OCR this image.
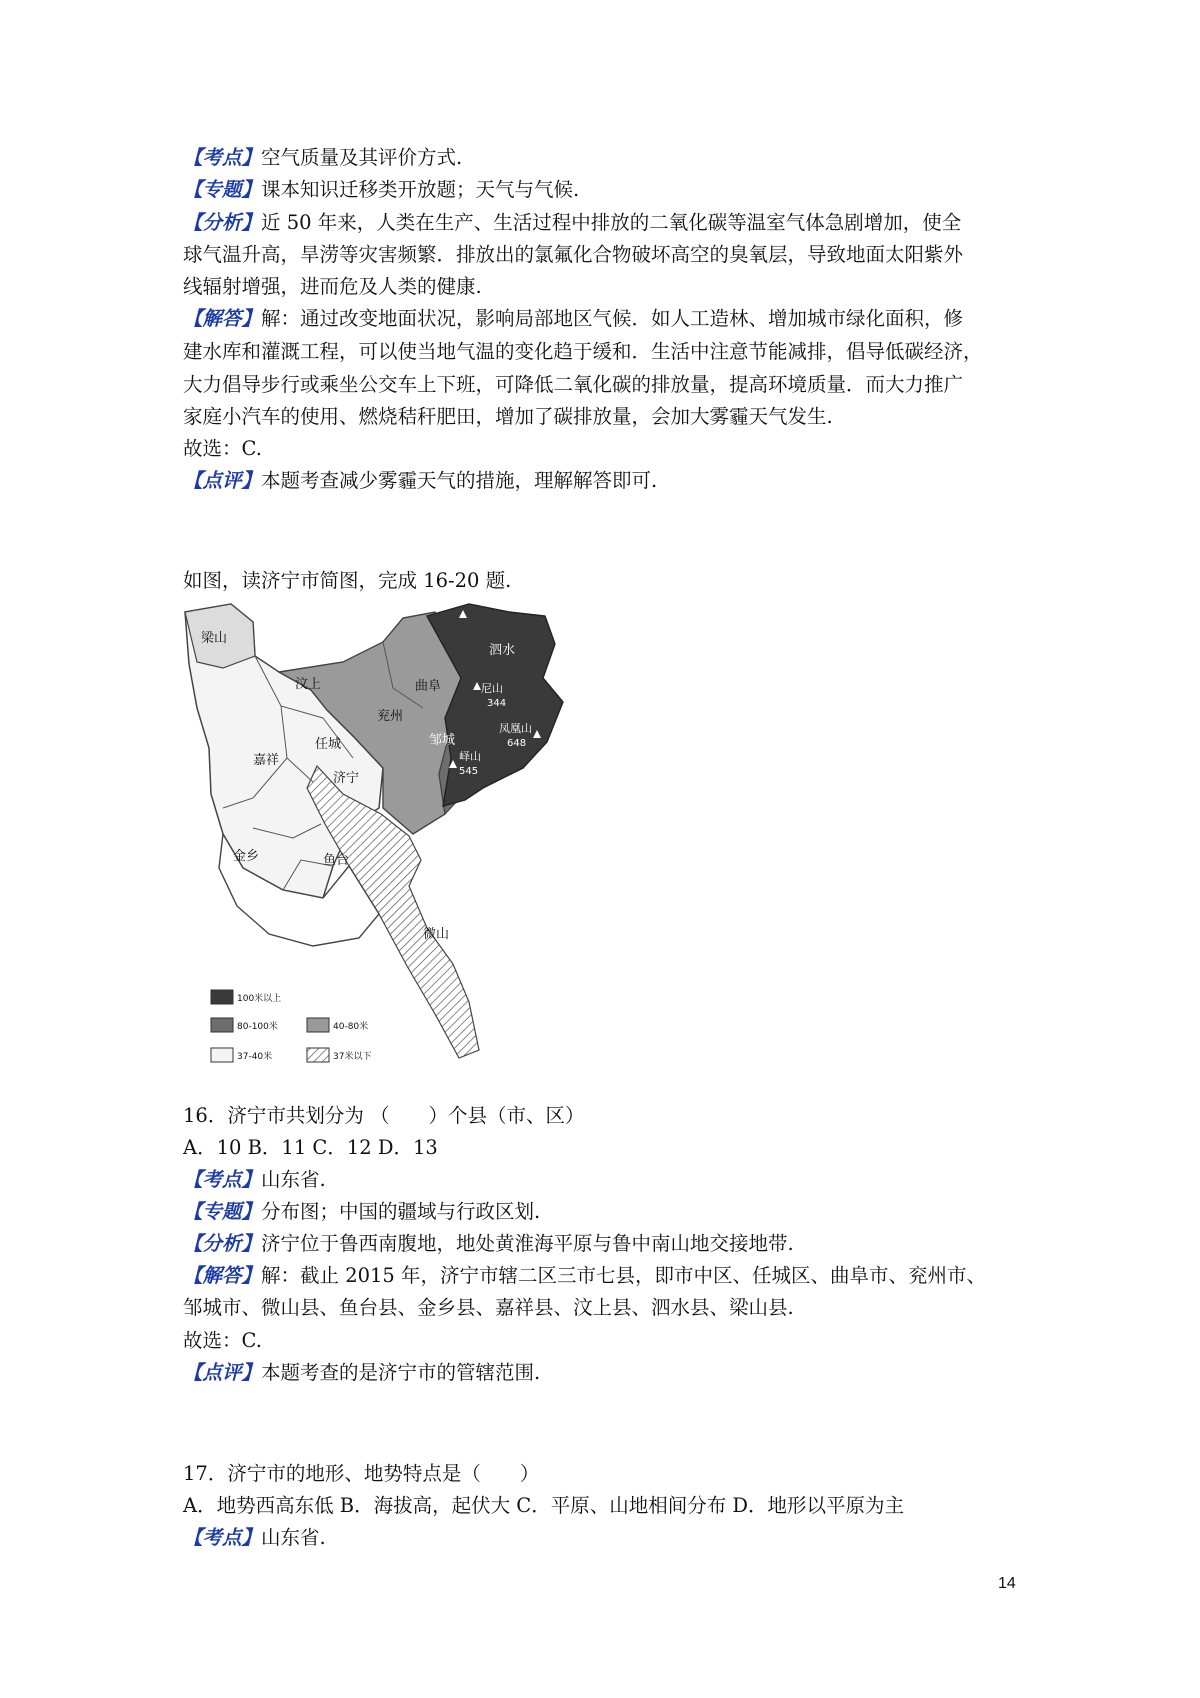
【考点】空气质量及其评价方式.
【专题】课本知识迁移类开放题；天气与气候.
【分析】近 50 年来，人类在生产、生活过程中排放的二氧化碳等温室气体急剧增加，使全
球气温升高，旱涝等灾害频繁．排放出的氯氟化合物破坏高空的臭氧层，导致地面太阳紫外
线辐射增强，进而危及人类的健康.
【解答】解：通过改变地面状况，影响局部地区气候．如人工造林、增加城市绿化面积，修
建水库和灌溉工程，可以使当地气温的变化趋于缓和．生活中注意节能减排，倡导低碳经济，
大力倡导步行或乘坐公交车上下班，可降低二氧化碳的排放量，提高环境质量．而大力推广
家庭小汽车的使用、燃烧秸秆肥田，增加了碳排放量，会加大雾霾天气发生.
故选：C.
【点评】本题考查减少雾霾天气的措施，理解解答即可.
如图，读济宁市简图，完成 16-20 题.
梁山
汶上
兖州
曲阜
泗水
嘉祥
任城
济宁
金乡	鱼台
微山
邹城
尼山
344
凤凰山
648
峄山
545
100米以上
80-100米	40-80米
37-40米	37米以下
16．济宁市共划分为 （　　）个县（市、区）
A．10 B．11 C．12 D．13
【考点】山东省.
【专题】分布图；中国的疆域与行政区划.
【分析】济宁位于鲁西南腹地，地处黄淮海平原与鲁中南山地交接地带.
【解答】解：截止 2015 年，济宁市辖二区三市七县，即市中区、任城区、曲阜市、兖州市、
邹城市、微山县、鱼台县、金乡县、嘉祥县、汶上县、泗水县、梁山县.
故选：C.
【点评】本题考查的是济宁市的管辖范围.
17．济宁市的地形、地势特点是（　　）
A．地势西高东低 B．海拔高，起伏大 C．平原、山地相间分布 D．地形以平原为主
【考点】山东省.
14
